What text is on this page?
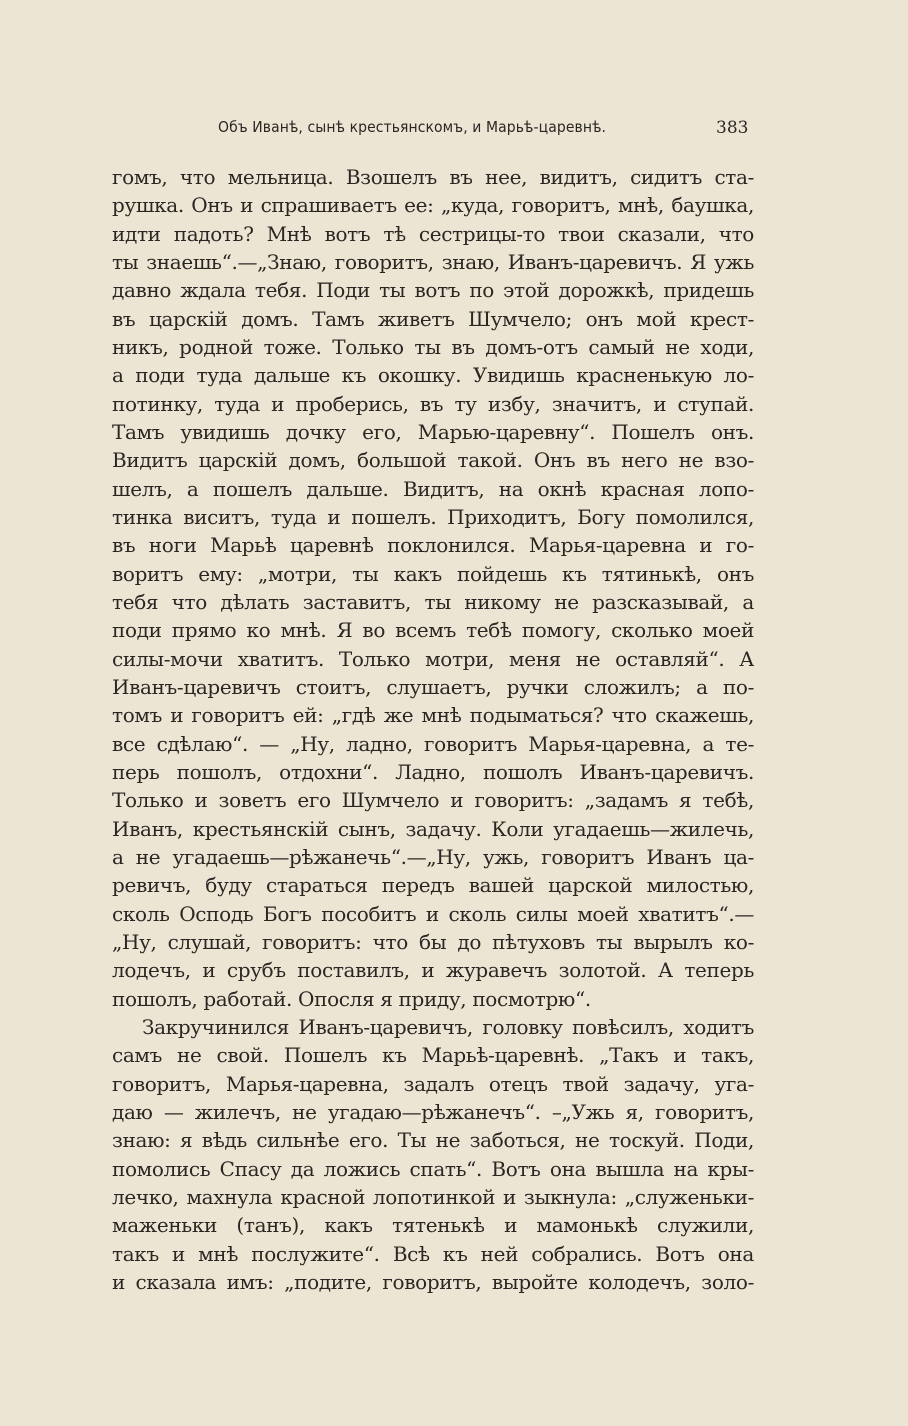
Объ Иванѣ, сынѣ крестьянскомъ, и Марьѣ-царевнѣ.	383
гомъ, что мельница. Взошелъ въ нее, видитъ, сидитъ ста-
рушка. Онъ и спрашиваетъ ее: „куда, говоритъ, мнѣ, баушка,
идти падоть? Мнѣ вотъ тѣ сестрицы-то твои сказали, что
ты знаешь“.—„Знаю, говоритъ, знаю, Иванъ-царевичъ. Я ужь
давно ждала тебя. Поди ты вотъ по этой дорожкѣ, придешь
въ царскій домъ. Тамъ живетъ Шумчело; онъ мой крест-
никъ, родной тоже. Только ты въ домъ-отъ самый не ходи,
а поди туда дальше къ окошку. Увидишь красненькую ло-
потинку, туда и проберись, въ ту избу, значитъ, и ступай.
Тамъ увидишь дочку его, Марью-царевну“. Пошелъ онъ.
Видитъ царскій домъ, большой такой. Онъ въ него не взо-
шелъ, а пошелъ дальше. Видитъ, на окнѣ красная лопо-
тинка виситъ, туда и пошелъ. Приходитъ, Богу помолился,
въ ноги Марьѣ царевнѣ поклонился. Марья-царевна и го-
воритъ ему: „мотри, ты какъ пойдешь къ тятинькѣ, онъ
тебя что дѣлать заставитъ, ты никому не разсказывай, а
поди прямо ко мнѣ. Я во всемъ тебѣ помогу, сколько моей
силы-мочи хватитъ. Только мотри, меня не оставляй“. А
Иванъ-царевичъ стоитъ, слушаетъ, ручки сложилъ; а по-
томъ и говоритъ ей: „гдѣ же мнѣ подыматься? что скажешь,
все сдѣлаю“. — „Ну, ладно, говоритъ Марья-царевна, а те-
перь пошолъ, отдохни“. Ладно, пошолъ Иванъ-царевичъ.
Только и зоветъ его Шумчело и говоритъ: „задамъ я тебѣ,
Иванъ, крестьянскій сынъ, задачу. Коли угадаешь—жилечь,
а не угадаешь—рѣжанечь“.—„Ну, ужь, говоритъ Иванъ ца-
ревичъ, буду стараться передъ вашей царской милостью,
сколь Осподь Богъ пособитъ и сколь силы моей хватитъ“.—
„Ну, слушай, говоритъ: что бы до пѣтуховъ ты вырылъ ко-
лодечъ, и срубъ поставилъ, и журавечъ золотой. А теперь
пошолъ, работай. Опосля я приду, посмотрю“.
Закручинился Иванъ-царевичъ, головку повѣсилъ, ходитъ
самъ не свой. Пошелъ къ Марьѣ-царевнѣ. „Такъ и такъ,
говоритъ, Марья-царевна, задалъ отецъ твой задачу, уга-
даю — жилечъ, не угадаю—рѣжанечъ“. –„Ужь я, говоритъ,
знаю: я вѣдь сильнѣе его. Ты не заботься, не тоскуй. Поди,
помолись Спасу да ложись спать“. Вотъ она вышла на кры-
лечко, махнула красной лопотинкой и зыкнула: „служеньки-
маженьки (танъ), какъ тятенькѣ и мамонькѣ служили,
такъ и мнѣ послужите“. Всѣ къ ней собрались. Вотъ она
и сказала имъ: „подите, говоритъ, выройте колодечъ, золо-
